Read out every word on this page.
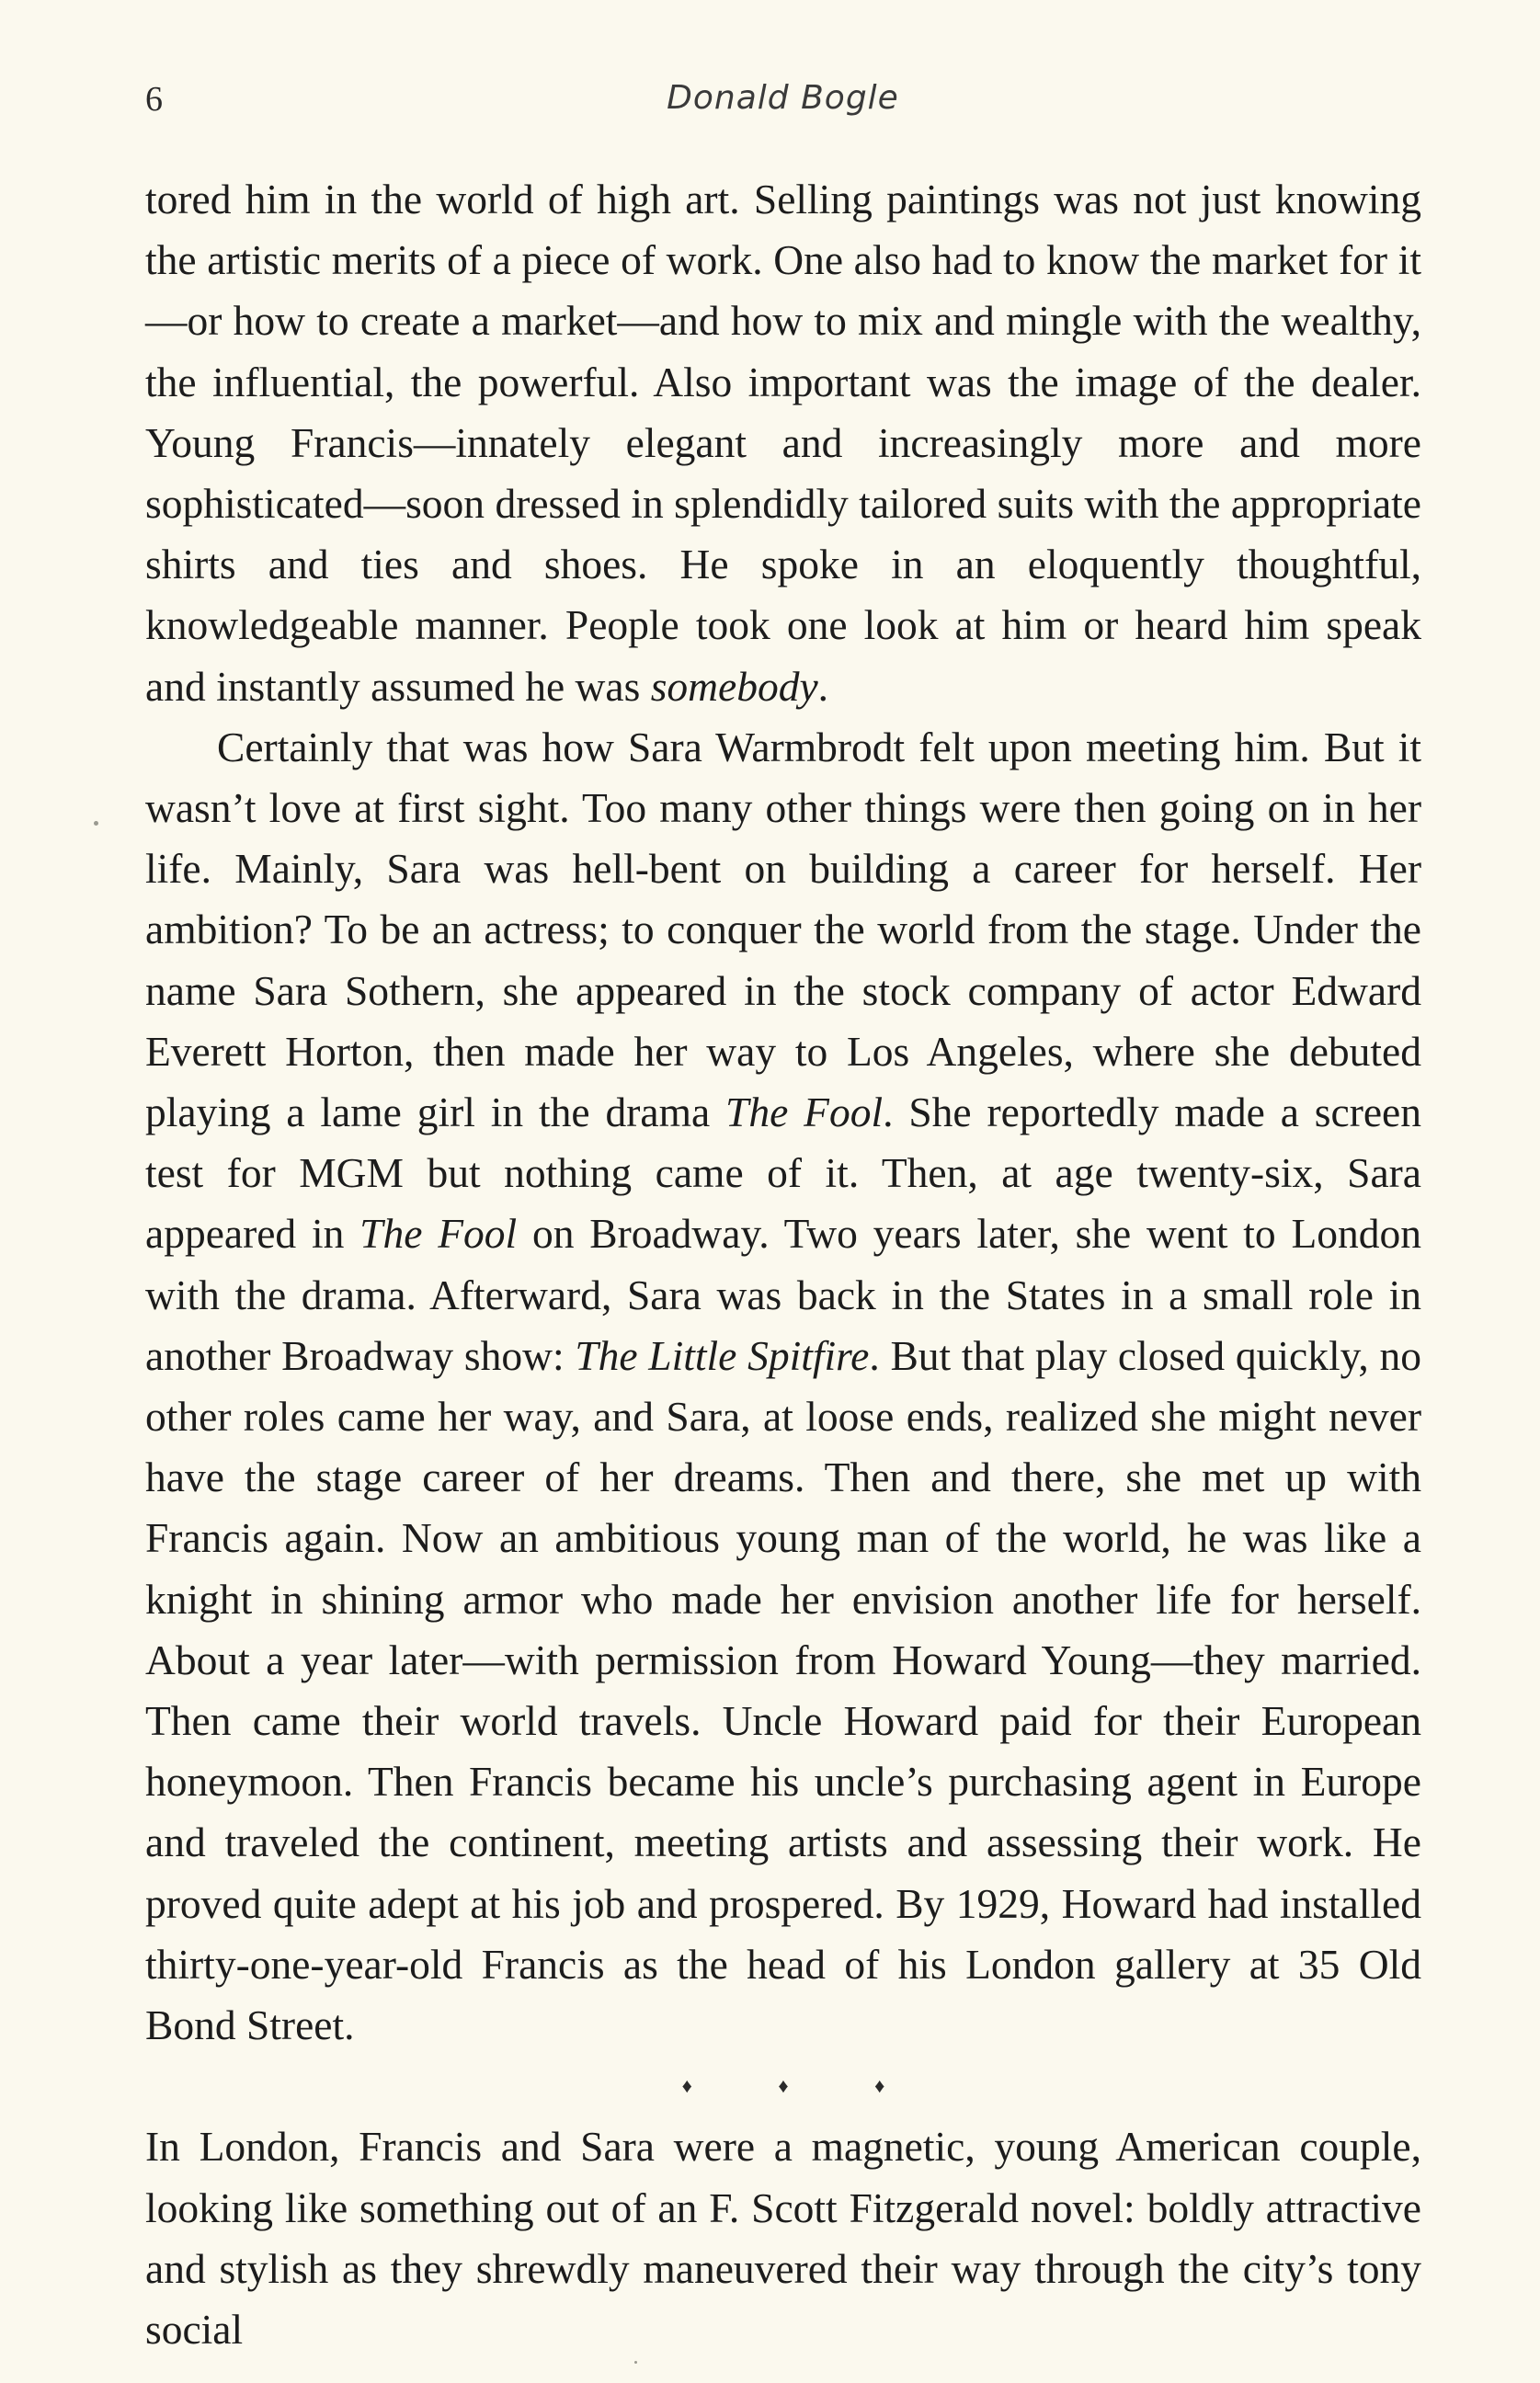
6	Donald Bogle

tored him in the world of high art. Selling paintings was not just knowing the artistic merits of a piece of work. One also had to know the market for it—or how to create a market—and how to mix and mingle with the wealthy, the influential, the powerful. Also important was the image of the dealer. Young Francis—innately elegant and increasingly more and more sophisticated—soon dressed in splendidly tailored suits with the appropriate shirts and ties and shoes. He spoke in an eloquently thoughtful, knowledgeable manner. People took one look at him or heard him speak and instantly assumed he was somebody.

Certainly that was how Sara Warmbrodt felt upon meeting him. But it wasn’t love at first sight. Too many other things were then going on in her life. Mainly, Sara was hell-bent on building a career for herself. Her ambition? To be an actress; to conquer the world from the stage. Under the name Sara Sothern, she appeared in the stock company of actor Edward Everett Horton, then made her way to Los Angeles, where she debuted playing a lame girl in the drama The Fool. She reportedly made a screen test for MGM but nothing came of it. Then, at age twenty-six, Sara appeared in The Fool on Broadway. Two years later, she went to London with the drama. Afterward, Sara was back in the States in a small role in another Broadway show: The Little Spitfire. But that play closed quickly, no other roles came her way, and Sara, at loose ends, realized she might never have the stage career of her dreams. Then and there, she met up with Francis again. Now an ambitious young man of the world, he was like a knight in shining armor who made her envision another life for herself. About a year later—with permission from Howard Young—they married. Then came their world travels. Uncle Howard paid for their European honeymoon. Then Francis became his uncle’s purchasing agent in Europe and traveled the continent, meeting artists and assessing their work. He proved quite adept at his job and prospered. By 1929, Howard had installed thirty-one-year-old Francis as the head of his London gallery at 35 Old Bond Street.

♦ ♦ ♦

In London, Francis and Sara were a magnetic, young American couple, looking like something out of an F. Scott Fitzgerald novel: boldly attractive and stylish as they shrewdly maneuvered their way through the city’s tony social
